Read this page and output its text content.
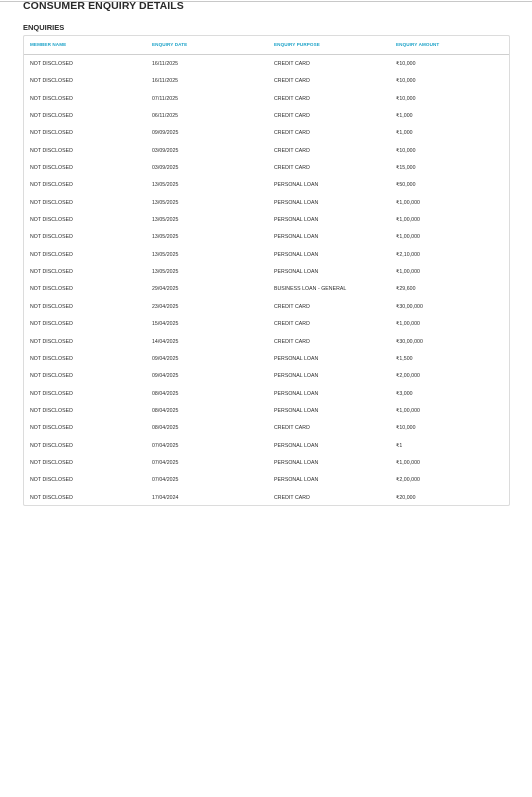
CONSUMER ENQUIRY DETAILS
ENQUIRIES
MEMBER NAME	ENQUIRY DATE	ENQUIRY PURPOSE	ENQUIRY AMOUNT
NOT DISCLOSED	16/11/2025	CREDIT CARD	₹10,000
NOT DISCLOSED	16/11/2025	CREDIT CARD	₹10,000
NOT DISCLOSED	07/11/2025	CREDIT CARD	₹10,000
NOT DISCLOSED	06/11/2025	CREDIT CARD	₹1,000
NOT DISCLOSED	09/09/2025	CREDIT CARD	₹1,000
NOT DISCLOSED	03/09/2025	CREDIT CARD	₹10,000
NOT DISCLOSED	03/09/2025	CREDIT CARD	₹15,000
NOT DISCLOSED	13/05/2025	PERSONAL LOAN	₹50,000
NOT DISCLOSED	13/05/2025	PERSONAL LOAN	₹1,00,000
NOT DISCLOSED	13/05/2025	PERSONAL LOAN	₹1,00,000
NOT DISCLOSED	13/05/2025	PERSONAL LOAN	₹1,00,000
NOT DISCLOSED	13/05/2025	PERSONAL LOAN	₹2,10,000
NOT DISCLOSED	13/05/2025	PERSONAL LOAN	₹1,00,000
NOT DISCLOSED	29/04/2025	BUSINESS LOAN - GENERAL	₹29,600
NOT DISCLOSED	23/04/2025	CREDIT CARD	₹30,00,000
NOT DISCLOSED	15/04/2025	CREDIT CARD	₹1,00,000
NOT DISCLOSED	14/04/2025	CREDIT CARD	₹30,00,000
NOT DISCLOSED	09/04/2025	PERSONAL LOAN	₹1,500
NOT DISCLOSED	09/04/2025	PERSONAL LOAN	₹2,00,000
NOT DISCLOSED	08/04/2025	PERSONAL LOAN	₹3,000
NOT DISCLOSED	08/04/2025	PERSONAL LOAN	₹1,00,000
NOT DISCLOSED	08/04/2025	CREDIT CARD	₹10,000
NOT DISCLOSED	07/04/2025	PERSONAL LOAN	₹1
NOT DISCLOSED	07/04/2025	PERSONAL LOAN	₹1,00,000
NOT DISCLOSED	07/04/2025	PERSONAL LOAN	₹2,00,000
NOT DISCLOSED	17/04/2024	CREDIT CARD	₹20,000
